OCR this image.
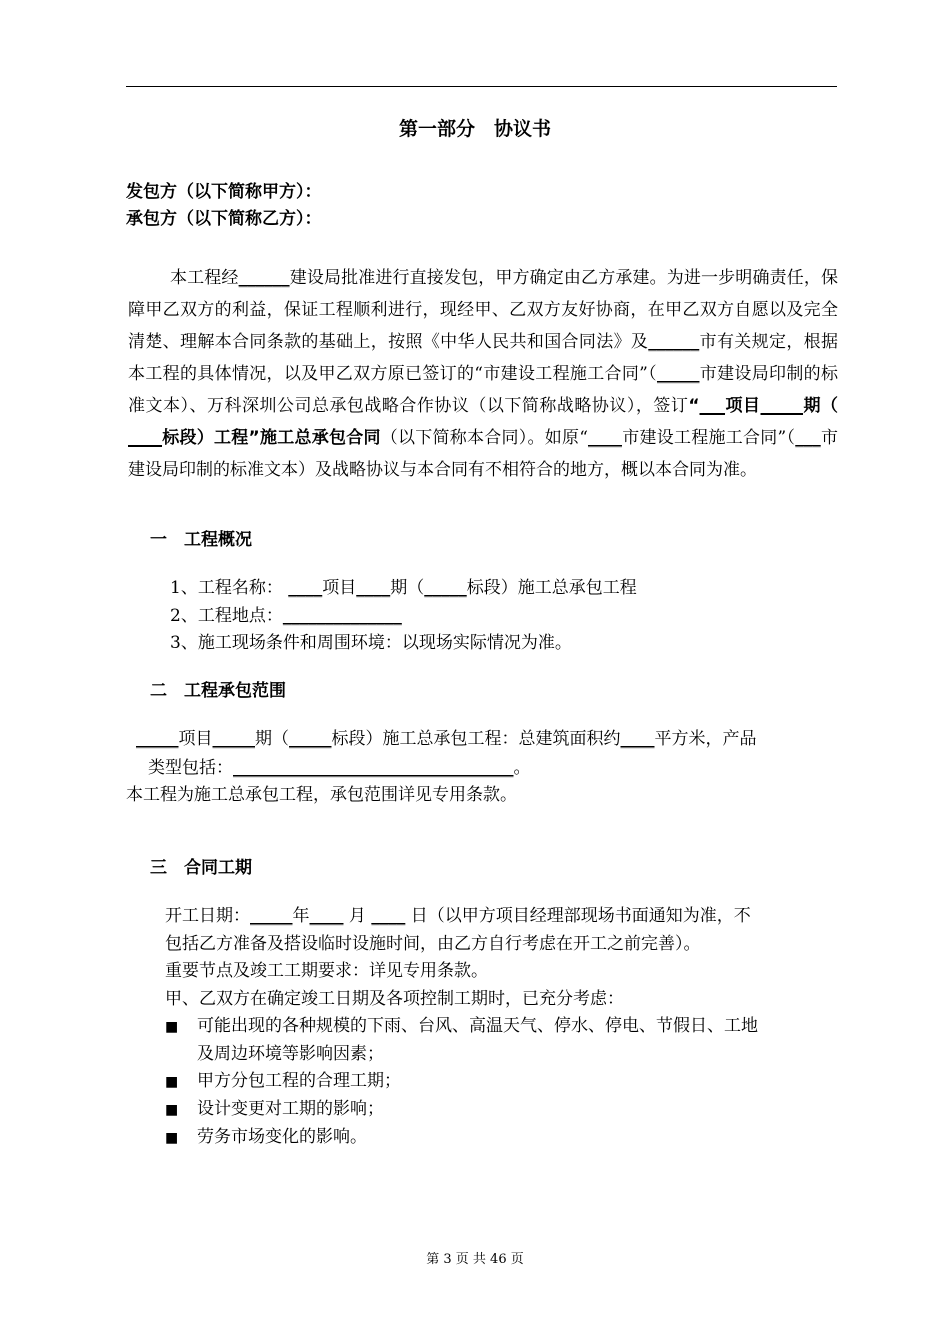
第一部分　协议书
发包方（以下简称甲方）：
承包方（以下简称乙方）：
本工程经______建设局批准进行直接发包，甲方确定由乙方承建。为进一步明确责任，保障甲乙双方的利益，保证工程顺利进行，现经甲、乙双方友好协商，在甲乙双方自愿以及完全清楚、理解本合同条款的基础上，按照《中华人民共和国合同法》及______市有关规定，根据本工程的具体情况，以及甲乙双方原已签订的“市建设工程施工合同”（_____市建设局印制的标准文本）、万科深圳公司总承包战略合作协议（以下简称战略协议），签订“___项目_____期（ ____标段）工程”施工总承包合同（以下简称本合同）。如原“____市建设工程施工合同”（___市建设局印制的标准文本）及战略协议与本合同有不相符合的地方，概以本合同为准。
一　工程概况
1、工程名称： ____项目____期（_____标段）施工总承包工程
2、工程地点：______________
3、施工现场条件和周围环境：以现场实际情况为准。
二　工程承包范围
_____项目_____期（_____标段）施工总承包工程：总建筑面积约____平方米，产品
类型包括：_________________________________。
本工程为施工总承包工程，承包范围详见专用条款。
三　合同工期
开工日期：_____年____ 月 ____ 日（以甲方项目经理部现场书面通知为准，不
包括乙方准备及搭设临时设施时间，由乙方自行考虑在开工之前完善）。
重要节点及竣工工期要求：详见专用条款。
甲、乙双方在确定竣工日期及各项控制工期时，已充分考虑：
■ 可能出现的各种规模的下雨、台风、高温天气、停水、停电、节假日、工地
及周边环境等影响因素；
■ 甲方分包工程的合理工期；
■ 设计变更对工期的影响；
■ 劳务市场变化的影响。
第 3 页 共 46 页
